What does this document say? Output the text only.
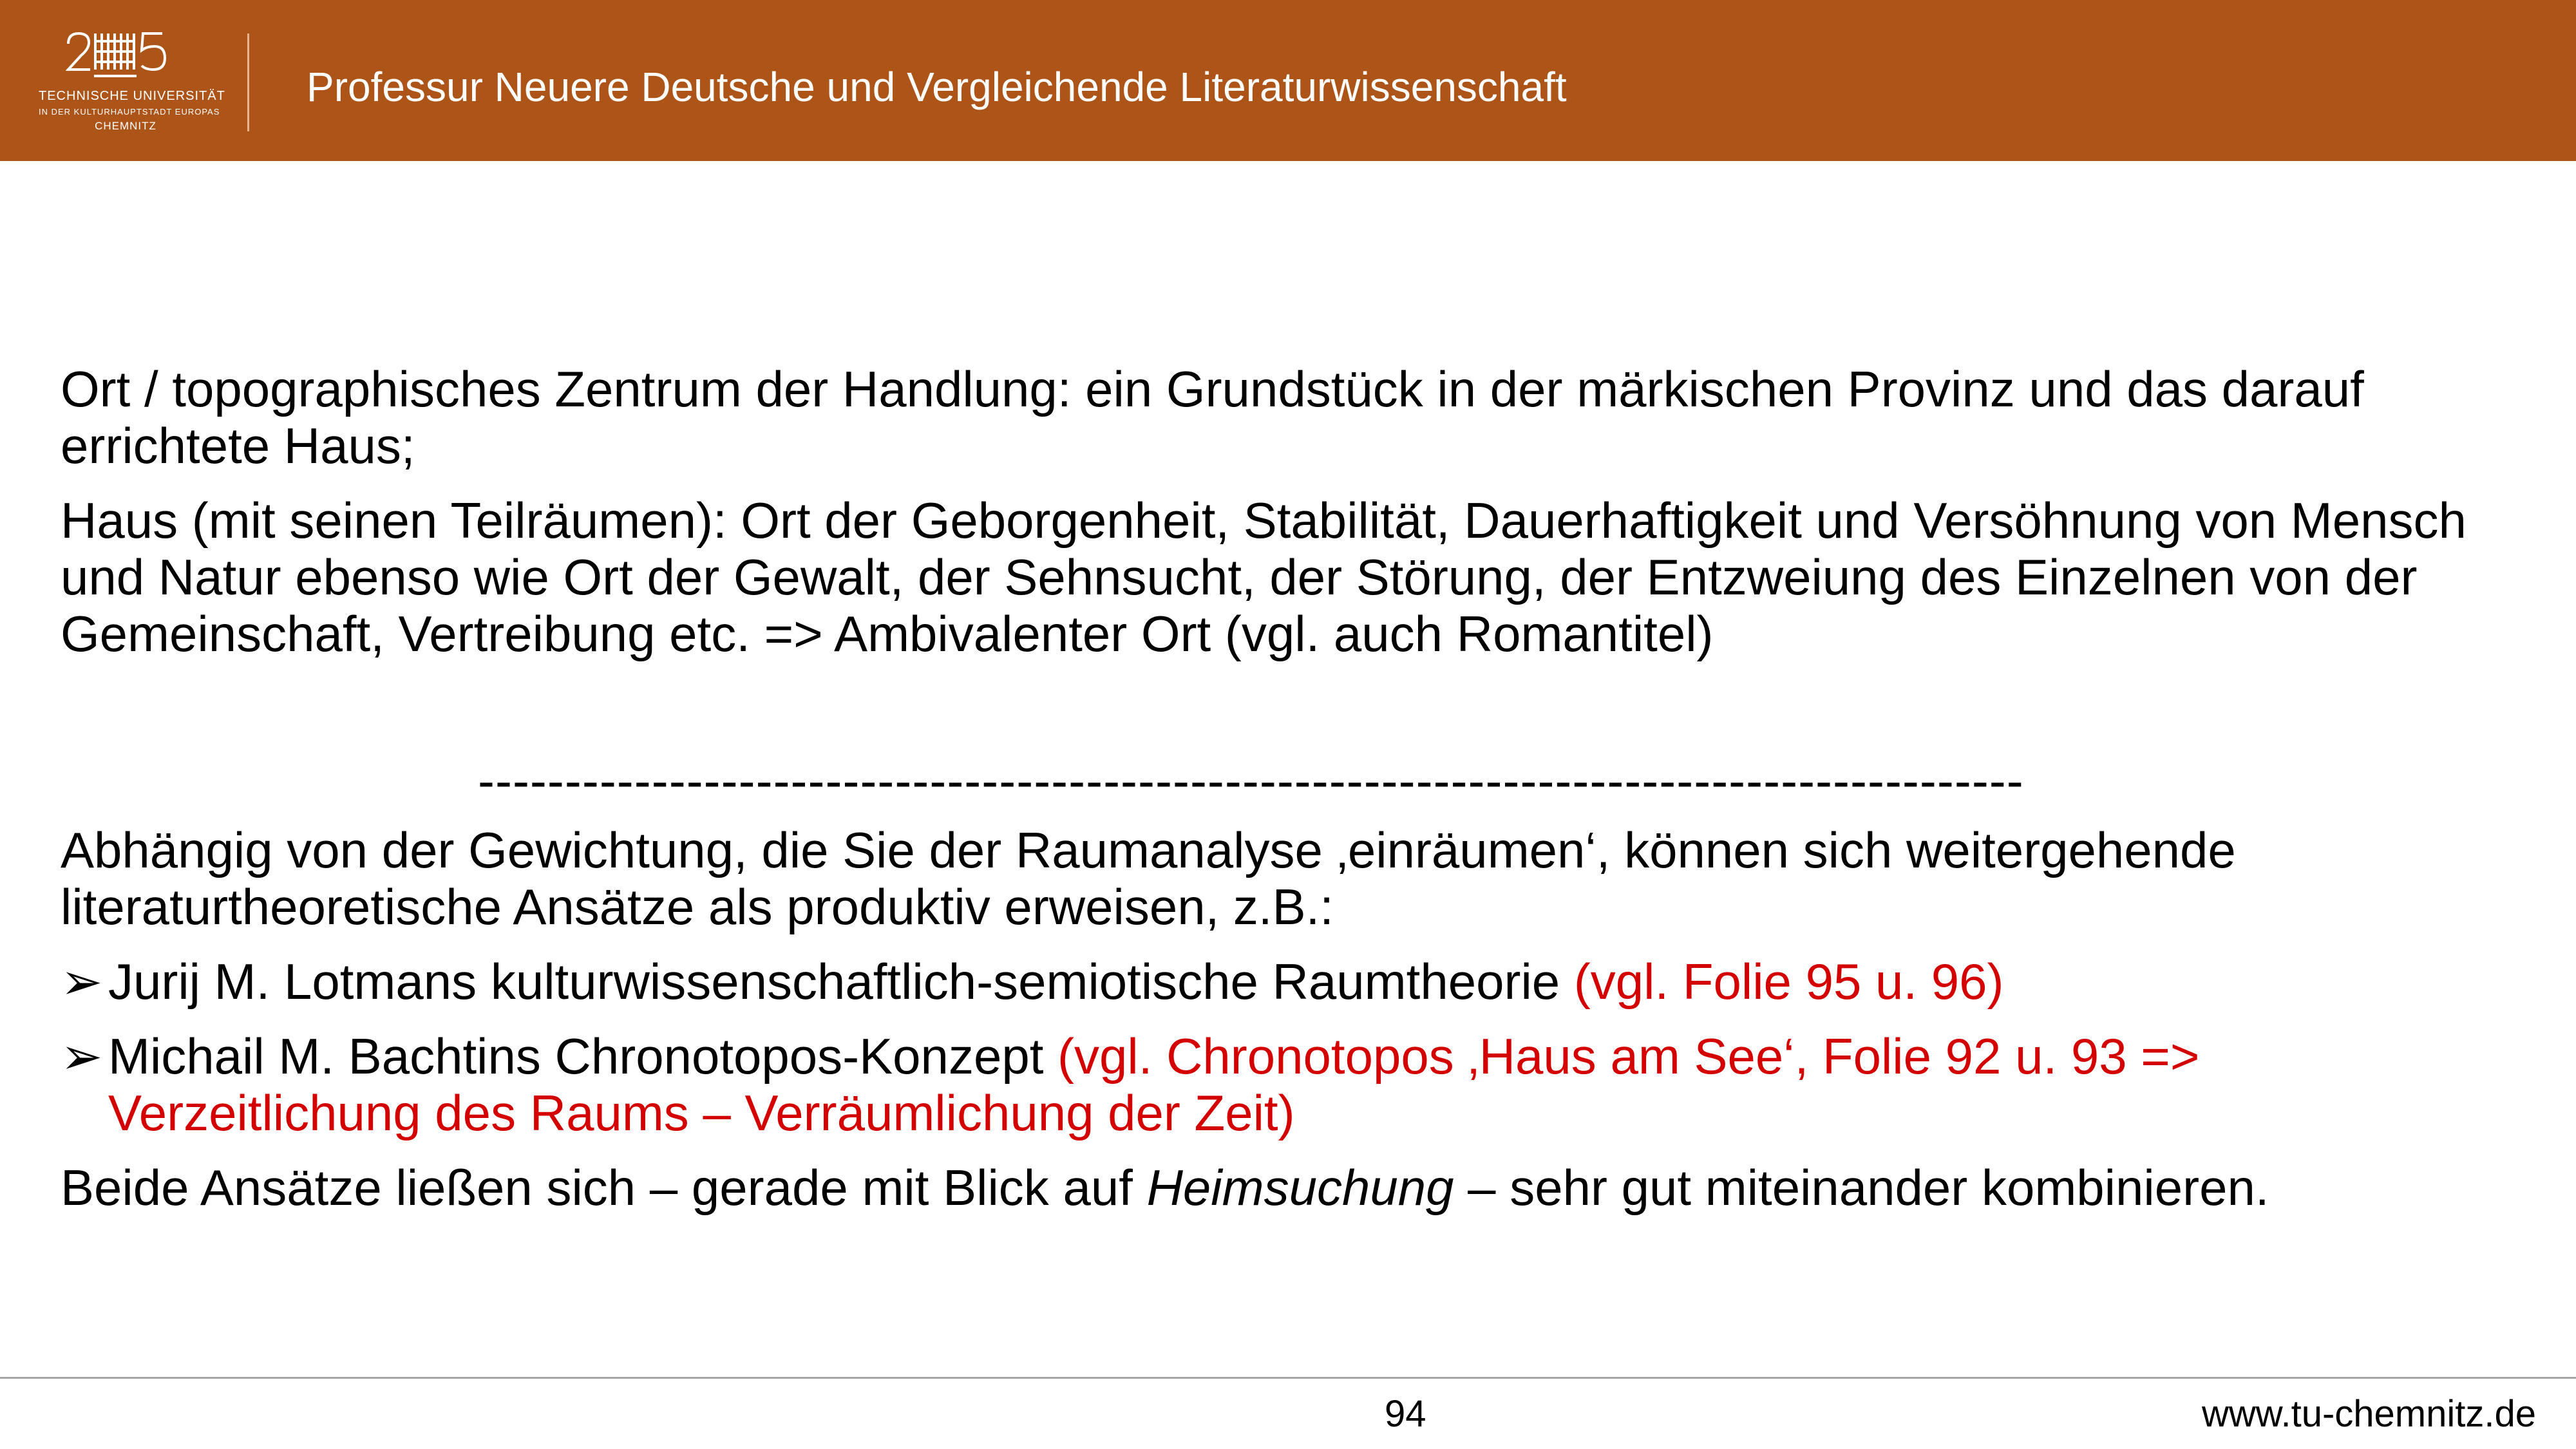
TECHNISCHE UNIVERSITÄT
IN DER KULTURHAUPTSTADT EUROPAS
CHEMNITZ
Professur Neuere Deutsche und Vergleichende Literaturwissenschaft

Ort / topographisches Zentrum der Handlung: ein Grundstück in der märkischen Provinz und das darauf errichtete Haus;

Haus (mit seinen Teilräumen): Ort der Geborgenheit, Stabilität, Dauerhaftigkeit und Versöhnung von Mensch und Natur ebenso wie Ort der Gewalt, der Sehnsucht, der Störung, der Entzweiung des Einzelnen von der Gemeinschaft, Vertreibung etc. => Ambivalenter Ort (vgl. auch Romantitel)

-----------------------------------------------------------------------------------------

Abhängig von der Gewichtung, die Sie der Raumanalyse ‚einräumen‘, können sich weitergehende literaturtheoretische Ansätze als produktiv erweisen, z.B.:

➢ Jurij M. Lotmans kulturwissenschaftlich-semiotische Raumtheorie (vgl. Folie 95 u. 96)
➢ Michail M. Bachtins Chronotopos-Konzept (vgl. Chronotopos ‚Haus am See‘, Folie 92 u. 93 => Verzeitlichung des Raums – Verräumlichung der Zeit)

Beide Ansätze ließen sich – gerade mit Blick auf Heimsuchung – sehr gut miteinander kombinieren.

94	www.tu-chemnitz.de
